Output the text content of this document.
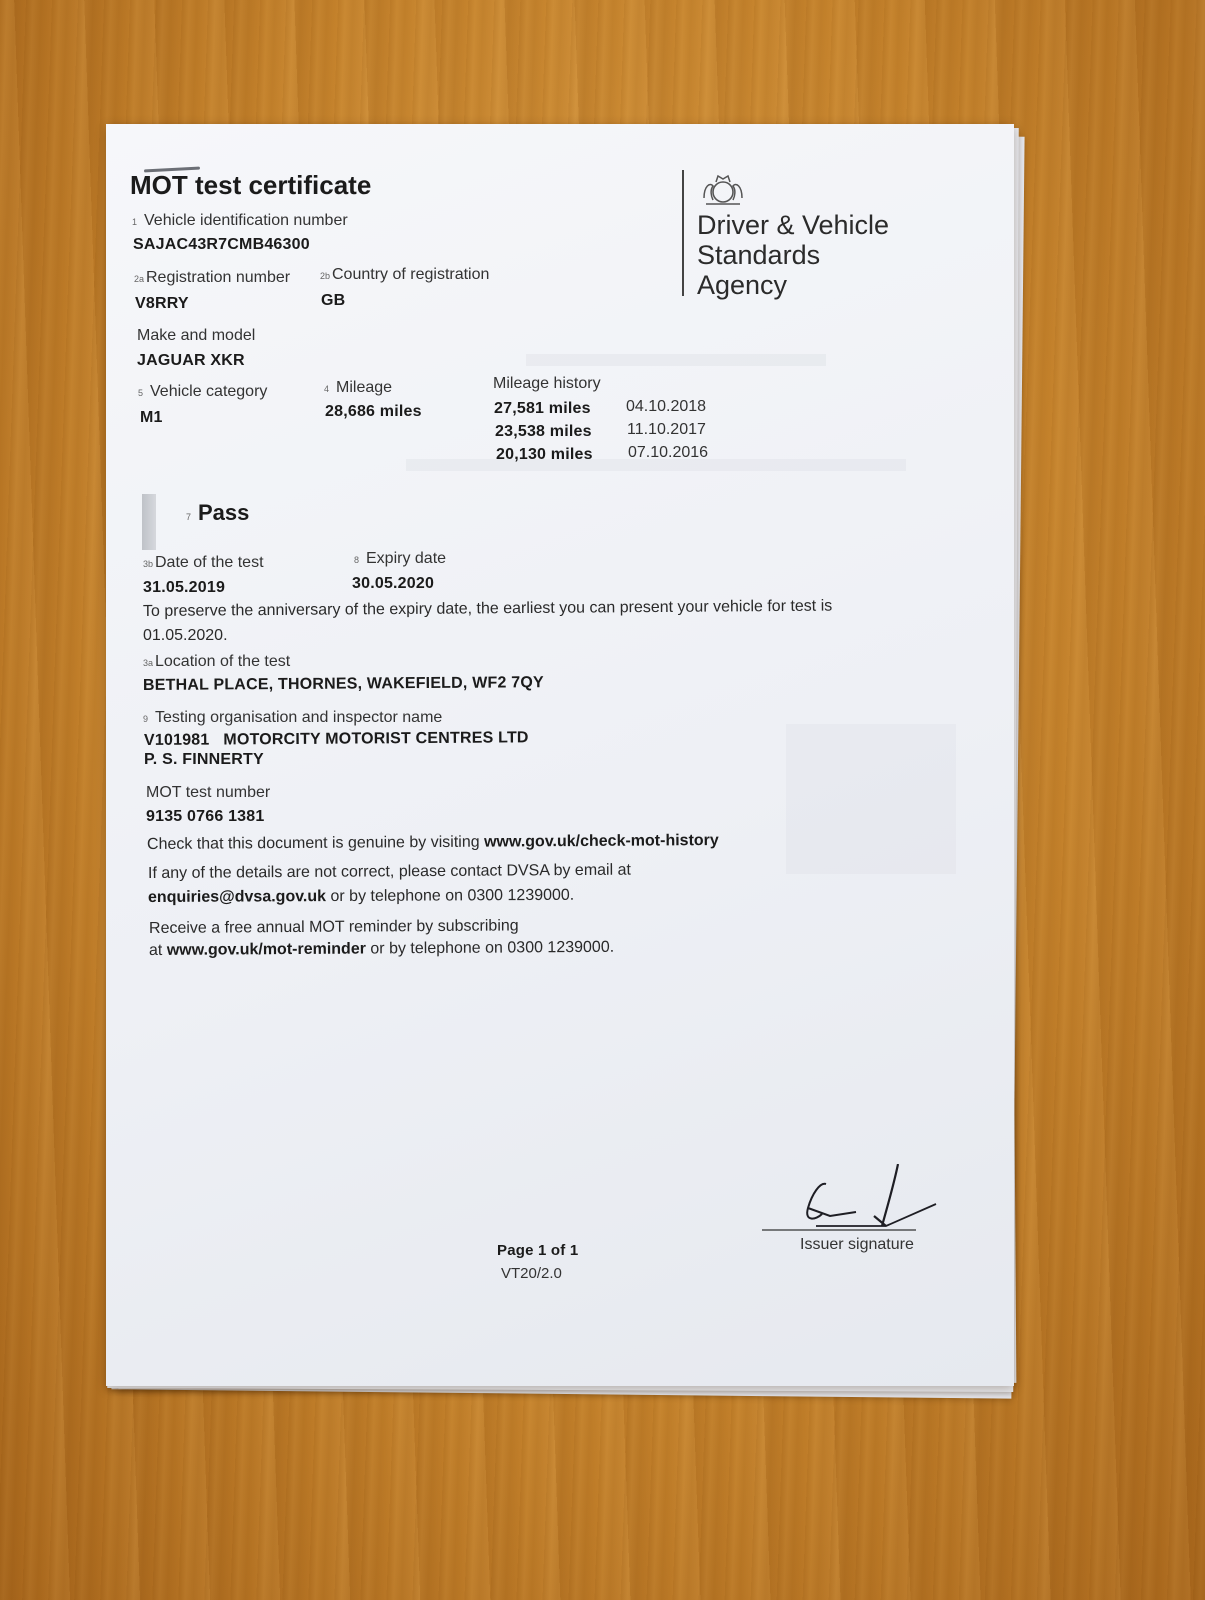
MOT test certificate
1 Vehicle identification number
SAJAC43R7CMB46300
2a Registration number
V8RRY
2b Country of registration
GB
Make and model
JAGUAR XKR
5 Vehicle category
M1
4 Mileage
28,686 miles
Mileage history
27,581 miles 04.10.2018
23,538 miles 11.10.2017
20,130 miles 07.10.2016
7 Pass
3b Date of the test
31.05.2019
8 Expiry date
30.05.2020
To preserve the anniversary of the expiry date, the earliest you can present your vehicle for test is
01.05.2020.
3a Location of the test
BETHAL PLACE, THORNES, WAKEFIELD, WF2 7QY
9 Testing organisation and inspector name
V101981   MOTORCITY MOTORIST CENTRES LTD
P. S. FINNERTY
MOT test number
9135 0766 1381
Check that this document is genuine by visiting www.gov.uk/check-mot-history
If any of the details are not correct, please contact DVSA by email at
enquiries@dvsa.gov.uk or by telephone on 0300 1239000.
Receive a free annual MOT reminder by subscribing
at www.gov.uk/mot-reminder or by telephone on 0300 1239000.
Driver & Vehicle
Standards
Agency
Issuer signature
Page 1 of 1
VT20/2.0
